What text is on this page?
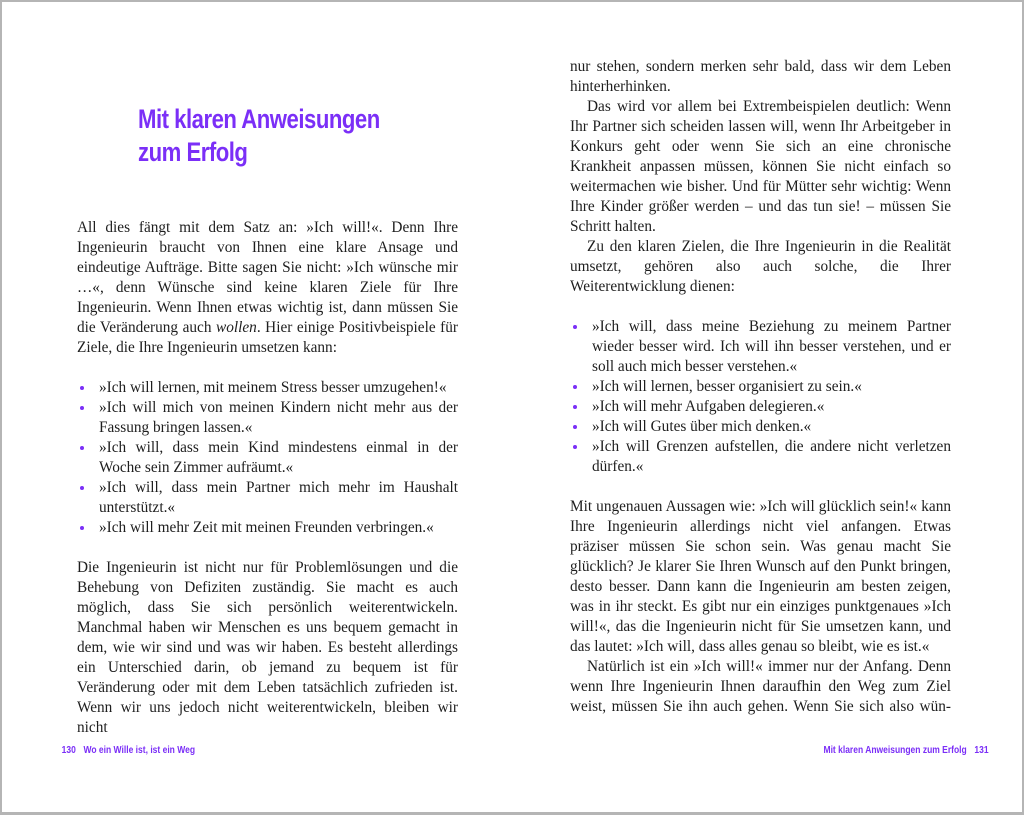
Mit klaren Anweisungen
zum Erfolg

All dies fängt mit dem Satz an: »Ich will!«. Denn Ihre Ingenieurin braucht von Ihnen eine klare Ansage und eindeutige Aufträge. Bitte sagen Sie nicht: »Ich wünsche mir …«, denn Wünsche sind keine klaren Ziele für Ihre Ingenieurin. Wenn Ihnen etwas wichtig ist, dann müssen Sie die Veränderung auch wollen. Hier einige Positivbeispiele für Ziele, die Ihre Ingenieurin umsetzen kann:

»Ich will lernen, mit meinem Stress besser umzugehen!«
»Ich will mich von meinen Kindern nicht mehr aus der Fassung bringen lassen.«
»Ich will, dass mein Kind mindestens einmal in der Woche sein Zimmer aufräumt.«
»Ich will, dass mein Partner mich mehr im Haushalt unterstützt.«
»Ich will mehr Zeit mit meinen Freunden verbringen.«

Die Ingenieurin ist nicht nur für Problemlösungen und die Behebung von Defiziten zuständig. Sie macht es auch möglich, dass Sie sich persönlich weiterentwickeln. Manchmal haben wir Menschen es uns bequem gemacht in dem, wie wir sind und was wir haben. Es besteht allerdings ein Unterschied darin, ob jemand zu bequem ist für Veränderung oder mit dem Leben tatsächlich zufrieden ist. Wenn wir uns jedoch nicht weiterentwickeln, bleiben wir nicht

130 Wo ein Wille ist, ist ein Weg

nur stehen, sondern merken sehr bald, dass wir dem Leben hinterherhinken.

Das wird vor allem bei Extrembeispielen deutlich: Wenn Ihr Partner sich scheiden lassen will, wenn Ihr Arbeitgeber in Konkurs geht oder wenn Sie sich an eine chronische Krankheit anpassen müssen, können Sie nicht einfach so weitermachen wie bisher. Und für Mütter sehr wichtig: Wenn Ihre Kinder größer werden – und das tun sie! – müssen Sie Schritt halten.

Zu den klaren Zielen, die Ihre Ingenieurin in die Realität umsetzt, gehören also auch solche, die Ihrer Weiterentwicklung dienen:

»Ich will, dass meine Beziehung zu meinem Partner wieder besser wird. Ich will ihn besser verstehen, und er soll auch mich besser verstehen.«
»Ich will lernen, besser organisiert zu sein.«
»Ich will mehr Aufgaben delegieren.«
»Ich will Gutes über mich denken.«
»Ich will Grenzen aufstellen, die andere nicht verletzen dürfen.«

Mit ungenauen Aussagen wie: »Ich will glücklich sein!« kann Ihre Ingenieurin allerdings nicht viel anfangen. Etwas präziser müssen Sie schon sein. Was genau macht Sie glücklich? Je klarer Sie Ihren Wunsch auf den Punkt bringen, desto besser. Dann kann die Ingenieurin am besten zeigen, was in ihr steckt. Es gibt nur ein einziges punktgenaues »Ich will!«, das die Ingenieurin nicht für Sie umsetzen kann, und das lautet: »Ich will, dass alles genau so bleibt, wie es ist.«

Natürlich ist ein »Ich will!« immer nur der Anfang. Denn wenn Ihre Ingenieurin Ihnen daraufhin den Weg zum Ziel weist, müssen Sie ihn auch gehen. Wenn Sie sich also wün-

Mit klaren Anweisungen zum Erfolg 131
